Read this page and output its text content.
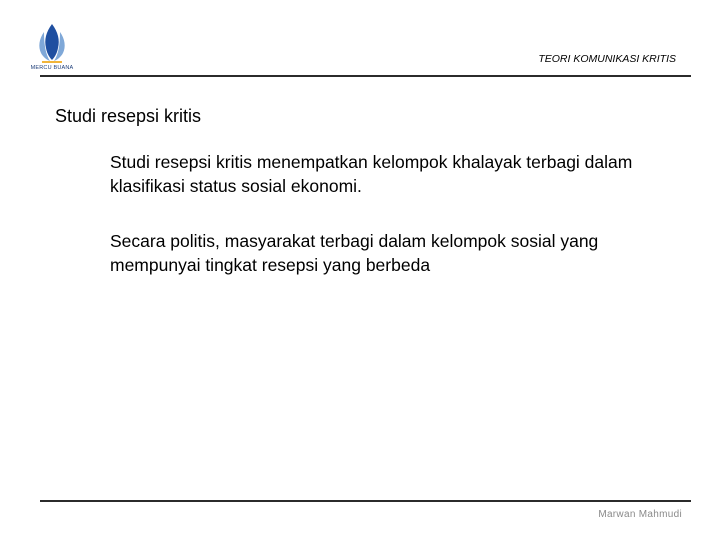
MERCU BUANA
TEORI KOMUNIKASI KRITIS
Studi resepsi kritis

Studi resepsi kritis menempatkan kelompok khalayak terbagi dalam klasifikasi status sosial ekonomi.

Secara politis, masyarakat terbagi dalam kelompok sosial yang mempunyai tingkat resepsi yang berbeda

Marwan Mahmudi
